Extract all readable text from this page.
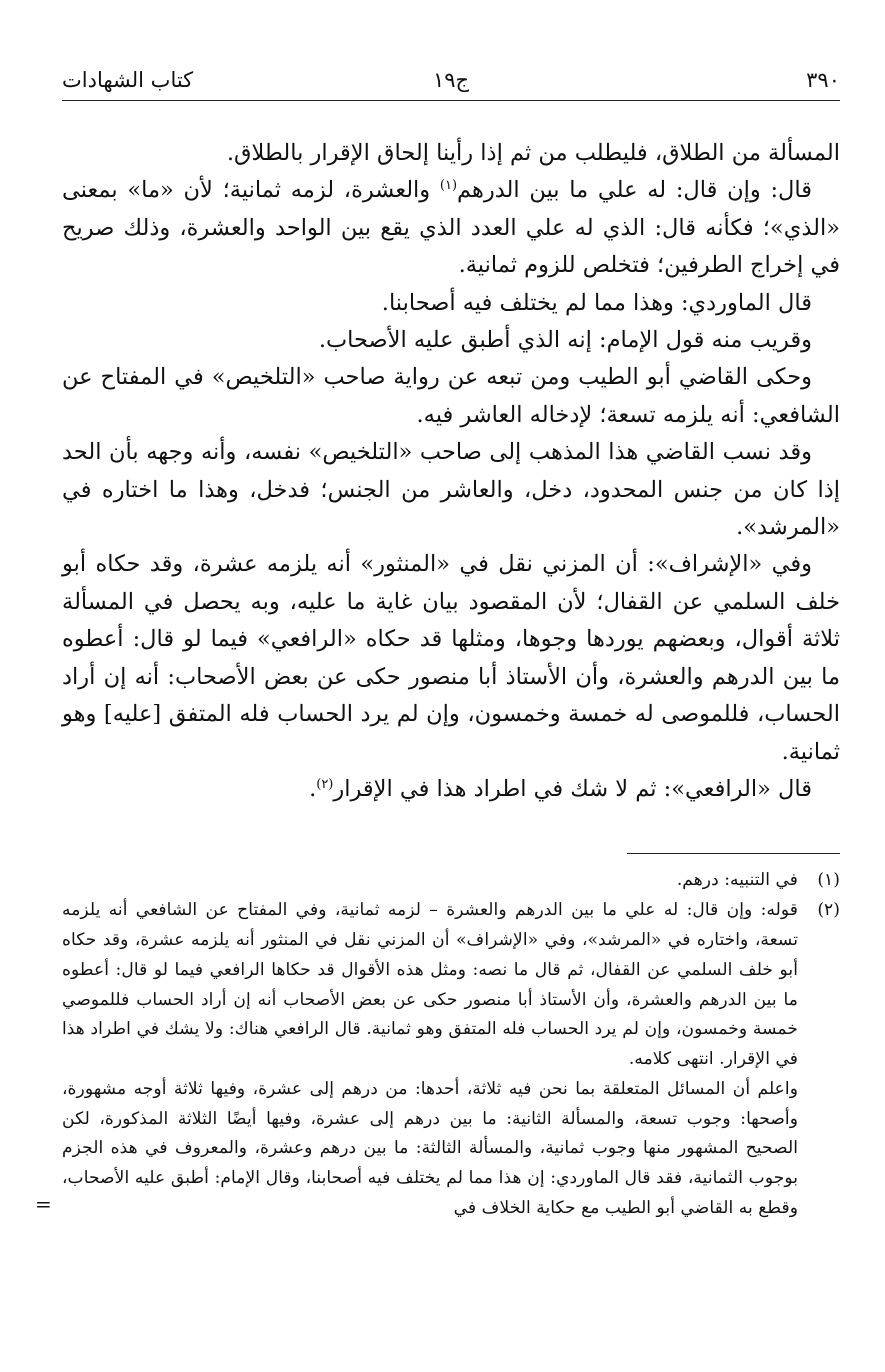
٣٩٠
ج١٩
كتاب الشهادات

المسألة من الطلاق، فليطلب من ثم إذا رأينا إلحاق الإقرار بالطلاق.

قال: وإن قال: له علي ما بين الدرهم$^{(١)}$ والعشرة، لزمه ثمانية؛ لأن «ما» بمعنى «الذي»؛ فكأنه قال: الذي له علي العدد الذي يقع بين الواحد والعشرة، وذلك صريح في إخراج الطرفين؛ فتخلص للزوم ثمانية.

قال الماوردي: وهذا مما لم يختلف فيه أصحابنا.

وقريب منه قول الإمام: إنه الذي أطبق عليه الأصحاب.

وحكى القاضي أبو الطيب ومن تبعه عن رواية صاحب «التلخيص» في المفتاح عن الشافعي: أنه يلزمه تسعة؛ لإدخاله العاشر فيه.

وقد نسب القاضي هذا المذهب إلى صاحب «التلخيص» نفسه، وأنه وجهه بأن الحد إذا كان من جنس المحدود، دخل، والعاشر من الجنس؛ فدخل، وهذا ما اختاره في «المرشد».

وفي «الإشراف»: أن المزني نقل في «المنثور» أنه يلزمه عشرة، وقد حكاه أبو خلف السلمي عن القفال؛ لأن المقصود بيان غاية ما عليه، وبه يحصل في المسألة ثلاثة أقوال، وبعضهم يوردها وجوها، ومثلها قد حكاه «الرافعي» فيما لو قال: أعطوه ما بين الدرهم والعشرة، وأن الأستاذ أبا منصور حكى عن بعض الأصحاب: أنه إن أراد الحساب، فللموصى له خمسة وخمسون، وإن لم يرد الحساب فله المتفق [عليه] وهو ثمانية.

قال «الرافعي»: ثم لا شك في اطراد هذا في الإقرار$^{(٢)}$.

(١)

في التنبيه: درهم.

(٢)

قوله: وإن قال: له علي ما بين الدرهم والعشرة – لزمه ثمانية، وفي المفتاح عن الشافعي أنه يلزمه تسعة، واختاره في «المرشد»، وفي «الإشراف» أن المزني نقل في المنثور أنه يلزمه عشرة، وقد حكاه أبو خلف السلمي عن القفال، ثم قال ما نصه: ومثل هذه الأقوال قد حكاها الرافعي فيما لو قال: أعطوه ما بين الدرهم والعشرة، وأن الأستاذ أبا منصور حكى عن بعض الأصحاب أنه إن أراد الحساب فللموصي خمسة وخمسون، وإن لم يرد الحساب فله المتفق وهو ثمانية. قال الرافعي هناك: ولا يشك في اطراد هذا في الإقرار. انتهى كلامه.

واعلم أن المسائل المتعلقة بما نحن فيه ثلاثة، أحدها: من درهم إلى عشرة، وفيها ثلاثة أوجه مشهورة، وأصحها: وجوب تسعة، والمسألة الثانية: ما بين درهم إلى عشرة، وفيها أيضًا الثلاثة المذكورة، لكن الصحيح المشهور منها وجوب ثمانية، والمسألة الثالثة: ما بين درهم وعشرة، والمعروف في هذه الجزم بوجوب الثمانية، فقد قال الماوردي: إن هذا مما لم يختلف فيه أصحابنا، وقال الإمام: أطبق عليه الأصحاب، وقطع به القاضي أبو الطيب مع حكاية الخلاف في

=
